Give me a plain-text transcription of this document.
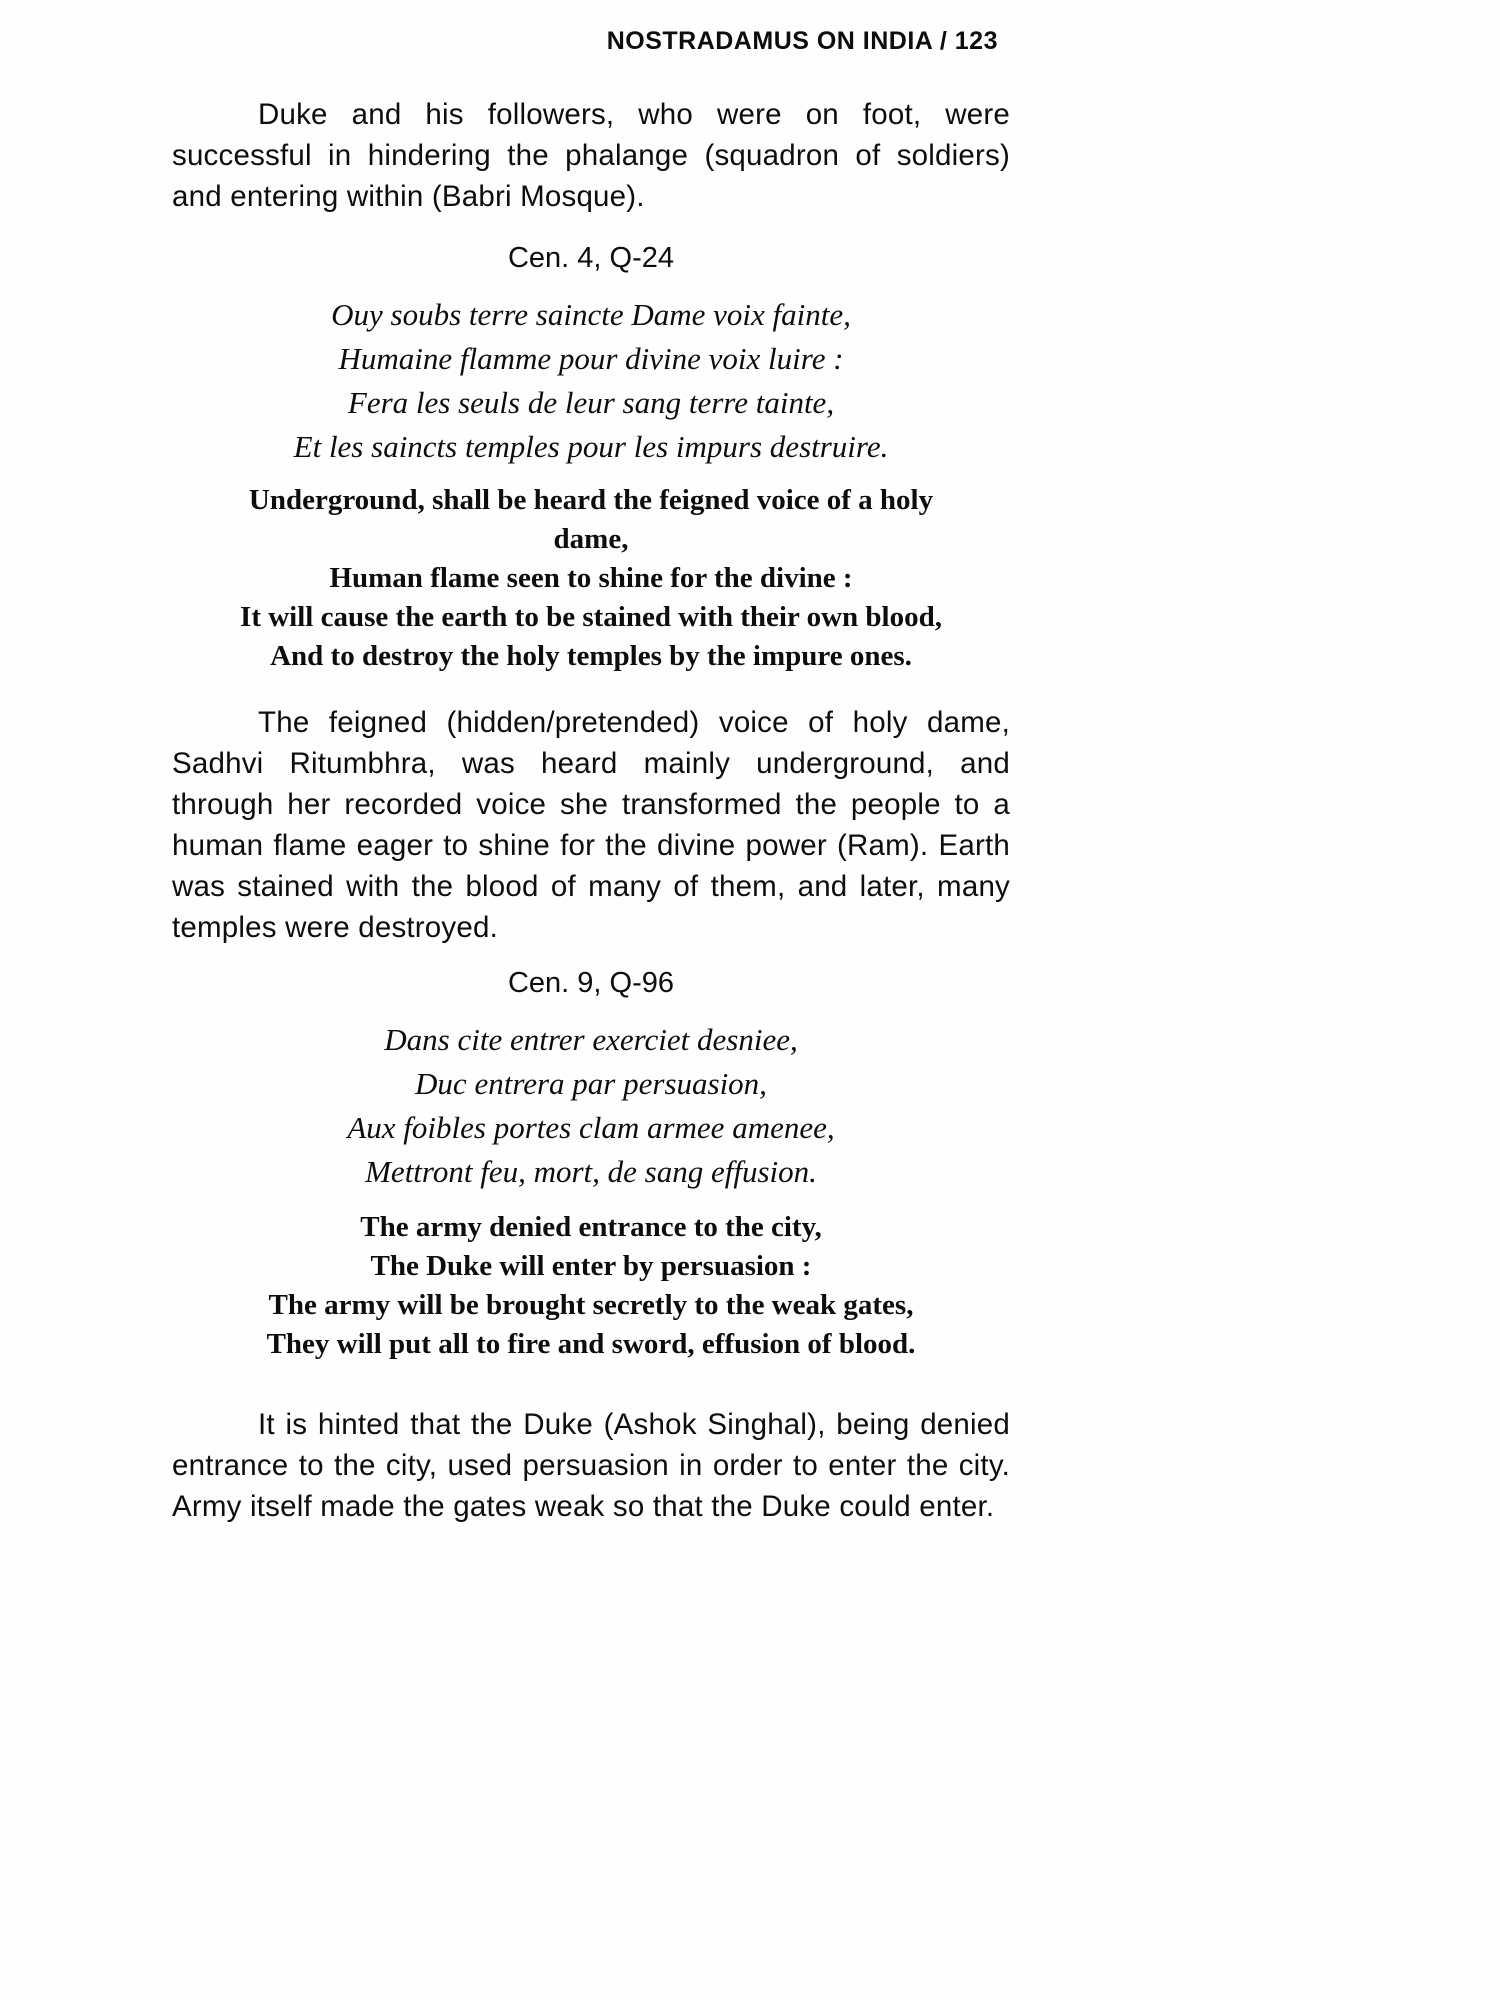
NOSTRADAMUS ON INDIA / 123

Duke and his followers, who were on foot, were successful in hindering the phalange (squadron of soldiers) and entering within (Babri Mosque).

Cen. 4, Q-24
Ouy soubs terre saincte Dame voix fainte,
Humaine flamme pour divine voix luire :
Fera les seuls de leur sang terre tainte,
Et les saincts temples pour les impurs destruire.
Underground, shall be heard the feigned voice of a holy
dame,
Human flame seen to shine for the divine :
It will cause the earth to be stained with their own blood,
And to destroy the holy temples by the impure ones.

The feigned (hidden/pretended) voice of holy dame, Sadhvi Ritumbhra, was heard mainly underground, and through her recorded voice she transformed the people to a human flame eager to shine for the divine power (Ram). Earth was stained with the blood of many of them, and later, many temples were destroyed.

Cen. 9, Q-96
Dans cite entrer exerciet desniee,
Duc entrera par persuasion,
Aux foibles portes clam armee amenee,
Mettront feu, mort, de sang effusion.
The army denied entrance to the city,
The Duke will enter by persuasion :
The army will be brought secretly to the weak gates,
They will put all to fire and sword, effusion of blood.

It is hinted that the Duke (Ashok Singhal), being denied entrance to the city, used persuasion in order to enter the city. Army itself made the gates weak so that the Duke could enter.
